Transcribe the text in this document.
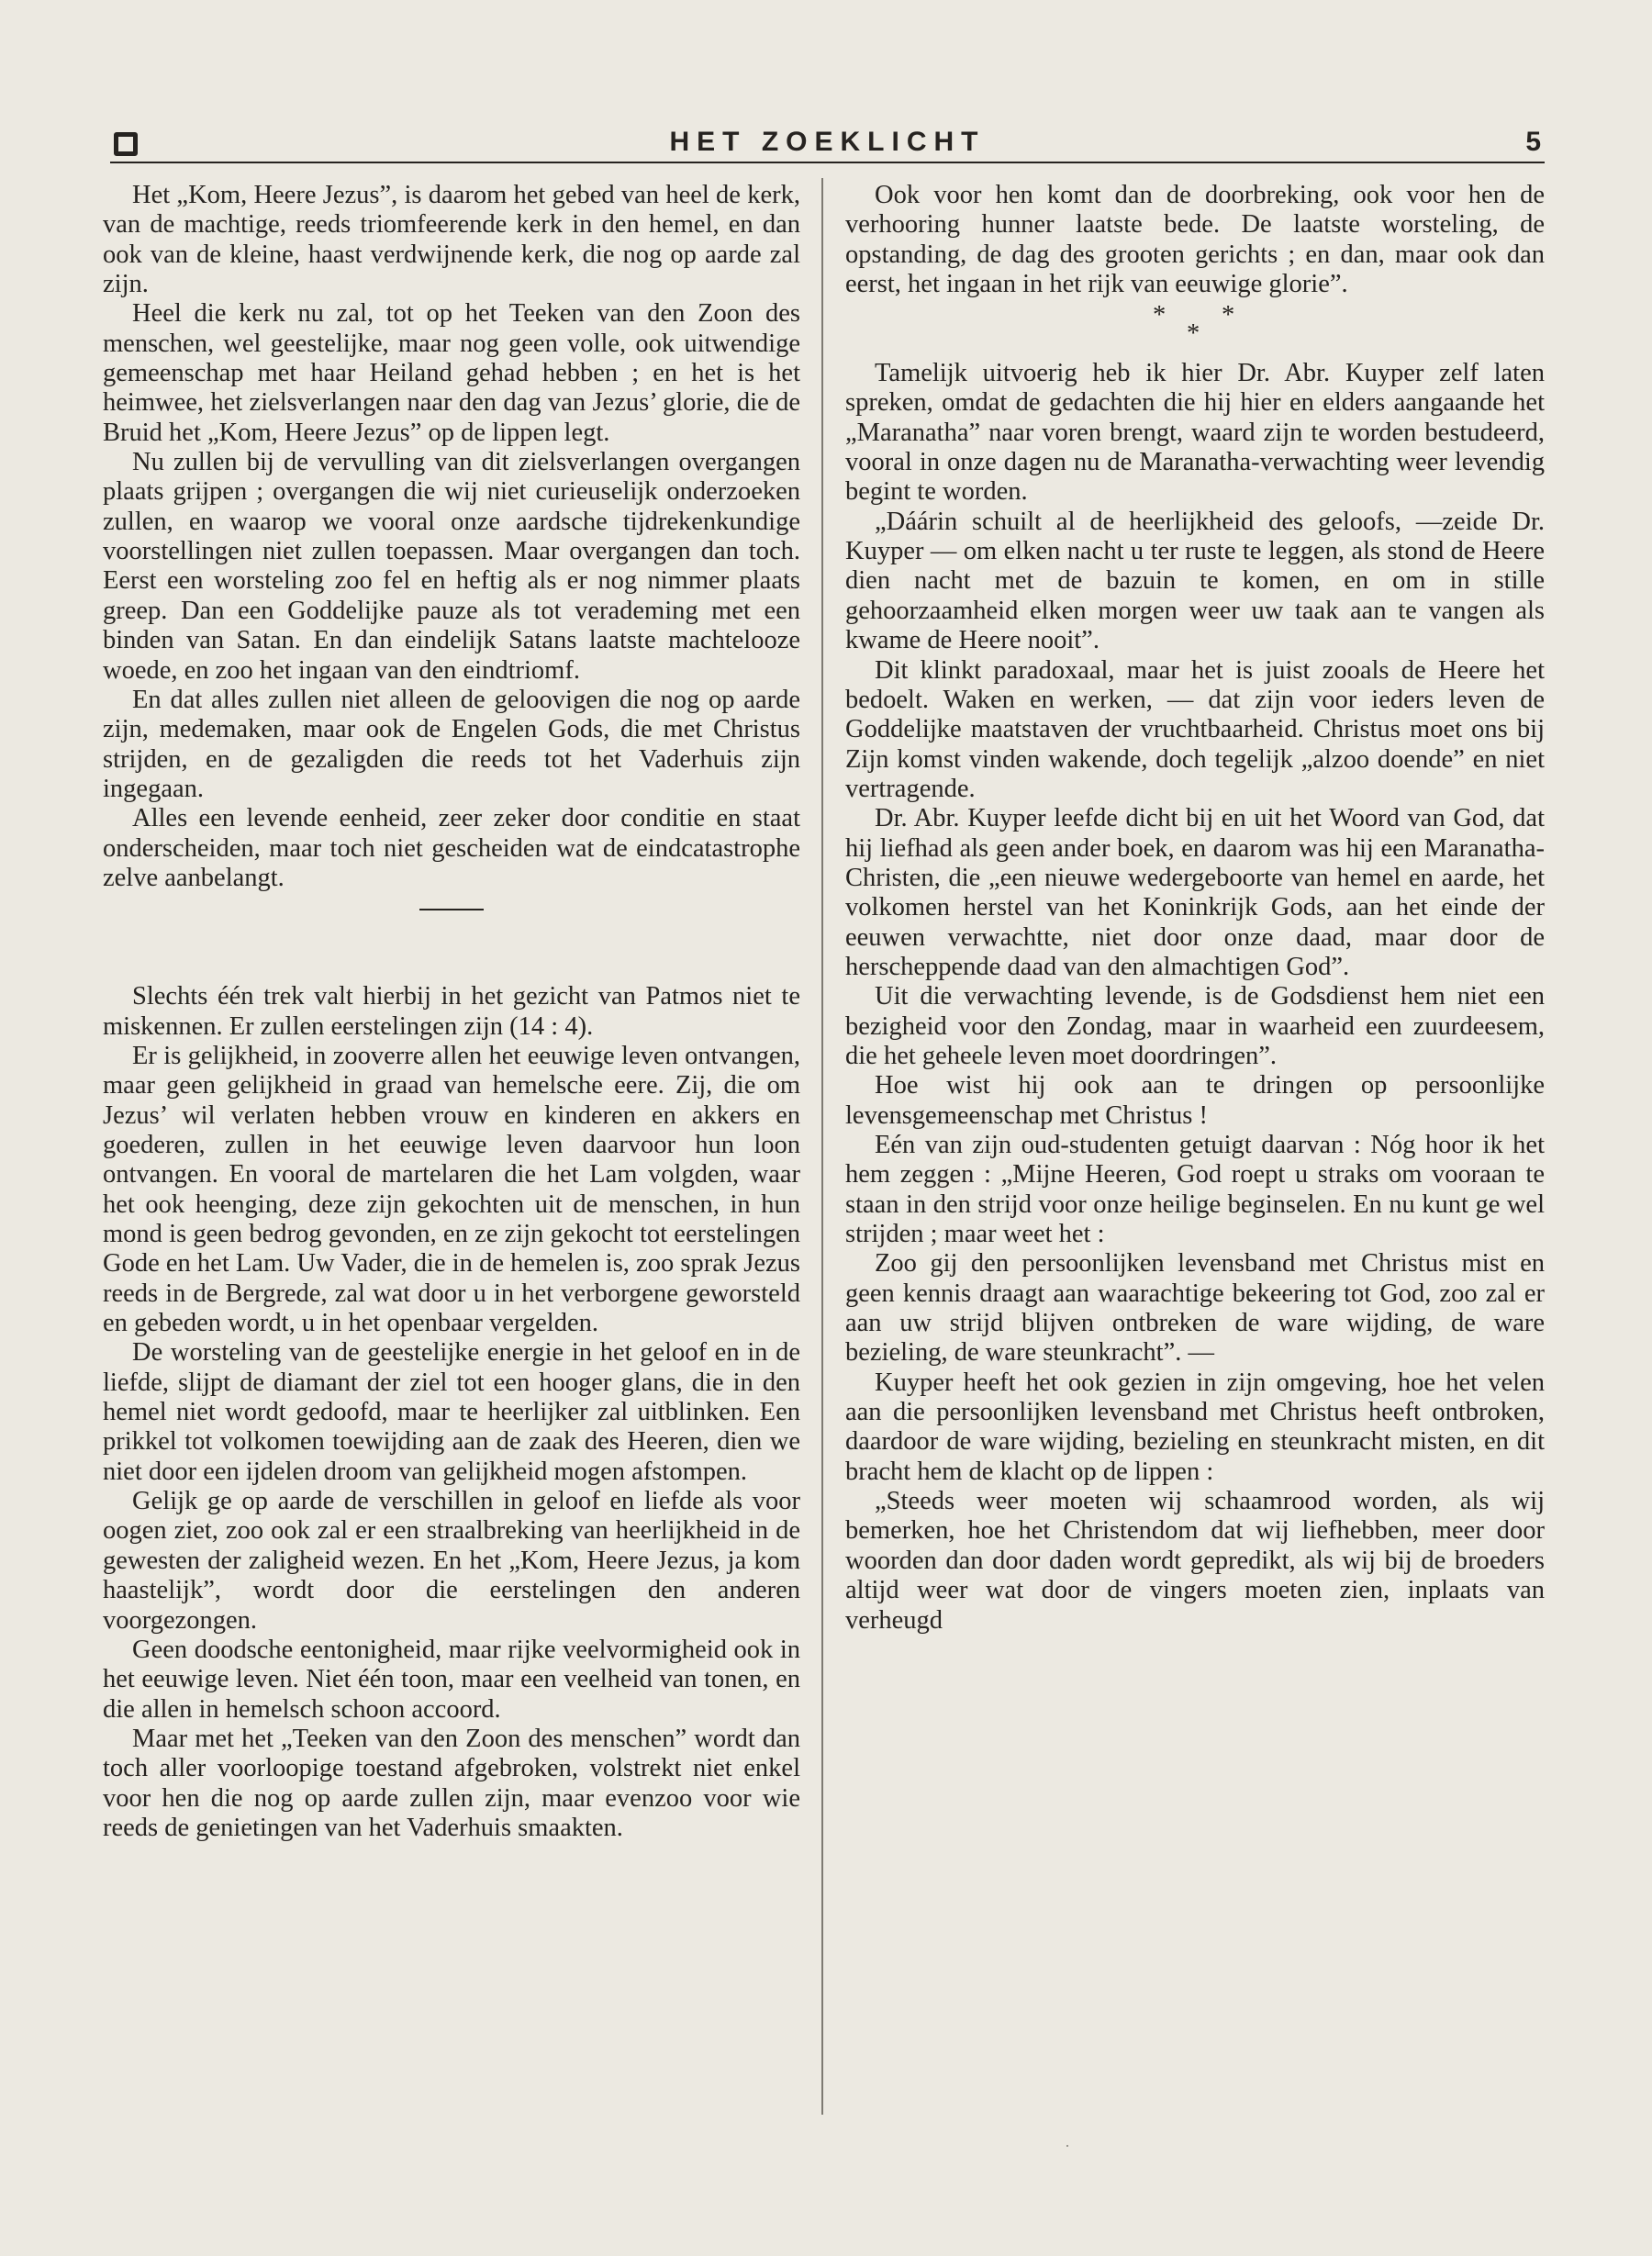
HET ZOEKLICHT	5

Het „Kom, Heere Jezus”, is daarom het gebed van heel de kerk, van de machtige, reeds triomfeerende kerk in den hemel, en dan ook van de kleine, haast verdwijnende kerk, die nog op aarde zal zijn.

Heel die kerk nu zal, tot op het Teeken van den Zoon des menschen, wel geestelijke, maar nog geen volle, ook uitwendige gemeenschap met haar Heiland gehad hebben ; en het is het heimwee, het zielsverlangen naar den dag van Jezus’ glorie, die de Bruid het „Kom, Heere Jezus” op de lippen legt.

Nu zullen bij de vervulling van dit zielsverlangen overgangen plaats grijpen ; overgangen die wij niet curieuselijk onderzoeken zullen, en waarop we vooral onze aardsche tijdrekenkundige voorstellingen niet zullen toepassen. Maar overgangen dan toch. Eerst een worsteling zoo fel en heftig als er nog nimmer plaats greep. Dan een Goddelijke pauze als tot verademing met een binden van Satan. En dan eindelijk Satans laatste machtelooze woede, en zoo het ingaan van den eindtriomf.

En dat alles zullen niet alleen de geloovigen die nog op aarde zijn, medemaken, maar ook de Engelen Gods, die met Christus strijden, en de gezaligden die reeds tot het Vaderhuis zijn ingegaan.

Alles een levende eenheid, zeer zeker door conditie en staat onderscheiden, maar toch niet gescheiden wat de eindcatastrophe zelve aanbelangt.

Slechts één trek valt hierbij in het gezicht van Patmos niet te miskennen. Er zullen eerstelingen zijn (14 : 4).

Er is gelijkheid, in zooverre allen het eeuwige leven ontvangen, maar geen gelijkheid in graad van hemelsche eere. Zij, die om Jezus’ wil verlaten hebben vrouw en kinderen en akkers en goederen, zullen in het eeuwige leven daarvoor hun loon ontvangen. En vooral de martelaren die het Lam volgden, waar het ook heenging, deze zijn gekochten uit de menschen, in hun mond is geen bedrog gevonden, en ze zijn gekocht tot eerstelingen Gode en het Lam. Uw Vader, die in de hemelen is, zoo sprak Jezus reeds in de Bergrede, zal wat door u in het verborgene geworsteld en gebeden wordt, u in het openbaar vergelden.

De worsteling van de geestelijke energie in het geloof en in de liefde, slijpt de diamant der ziel tot een hooger glans, die in den hemel niet wordt gedoofd, maar te heerlijker zal uitblinken. Een prikkel tot volkomen toewijding aan de zaak des Heeren, dien we niet door een ijdelen droom van gelijkheid mogen afstompen.

Gelijk ge op aarde de verschillen in geloof en liefde als voor oogen ziet, zoo ook zal er een straalbreking van heerlijkheid in de gewesten der zaligheid wezen. En het „Kom, Heere Jezus, ja kom haastelijk”, wordt door die eerstelingen den anderen voorgezongen.

Geen doodsche eentonigheid, maar rijke veelvormigheid ook in het eeuwige leven. Niet één toon, maar een veelheid van tonen, en die allen in hemelsch schoon accoord.

Maar met het „Teeken van den Zoon des menschen” wordt dan toch aller voorloopige toestand afgebroken, volstrekt niet enkel voor hen die nog op aarde zullen zijn, maar evenzoo voor wie reeds de genietingen van het Vaderhuis smaakten.

Ook voor hen komt dan de doorbreking, ook voor hen de verhooring hunner laatste bede. De laatste worsteling, de opstanding, de dag des grooten gerichts ; en dan, maar ook dan eerst, het ingaan in het rijk van eeuwige glorie”.

* *
*

Tamelijk uitvoerig heb ik hier Dr. Abr. Kuyper zelf laten spreken, omdat de gedachten die hij hier en elders aangaande het „Maranatha” naar voren brengt, waard zijn te worden bestudeerd, vooral in onze dagen nu de Maranatha-verwachting weer levendig begint te worden.

„Dáárin schuilt al de heerlijkheid des geloofs, —zeide Dr. Kuyper — om elken nacht u ter ruste te leggen, als stond de Heere dien nacht met de bazuin te komen, en om in stille gehoorzaamheid elken morgen weer uw taak aan te vangen als kwame de Heere nooit”.

Dit klinkt paradoxaal, maar het is juist zooals de Heere het bedoelt. Waken en werken, — dat zijn voor ieders leven de Goddelijke maatstaven der vruchtbaarheid. Christus moet ons bij Zijn komst vinden wakende, doch tegelijk „alzoo doende” en niet vertragende.

Dr. Abr. Kuyper leefde dicht bij en uit het Woord van God, dat hij liefhad als geen ander boek, en daarom was hij een Maranatha-Christen, die „een nieuwe wedergeboorte van hemel en aarde, het volkomen herstel van het Koninkrijk Gods, aan het einde der eeuwen verwachtte, niet door onze daad, maar door de herscheppende daad van den almachtigen God”.

Uit die verwachting levende, is de Godsdienst hem niet een bezigheid voor den Zondag, maar in waarheid een zuurdeesem, die het geheele leven moet doordringen”.

Hoe wist hij ook aan te dringen op persoonlijke levensgemeenschap met Christus !

Eén van zijn oud-studenten getuigt daarvan : Nóg hoor ik het hem zeggen : „Mijne Heeren, God roept u straks om vooraan te staan in den strijd voor onze heilige beginselen. En nu kunt ge wel strijden ; maar weet het :

Zoo gij den persoonlijken levensband met Christus mist en geen kennis draagt aan waarachtige bekeering tot God, zoo zal er aan uw strijd blijven ontbreken de ware wijding, de ware bezieling, de ware steunkracht”. —

Kuyper heeft het ook gezien in zijn omgeving, hoe het velen aan die persoonlijken levensband met Christus heeft ontbroken, daardoor de ware wijding, bezieling en steunkracht misten, en dit bracht hem de klacht op de lippen :

„Steeds weer moeten wij schaamrood worden, als wij bemerken, hoe het Christendom dat wij liefhebben, meer door woorden dan door daden wordt gepredikt, als wij bij de broeders altijd weer wat door de vingers moeten zien, inplaats van verheugd

·
